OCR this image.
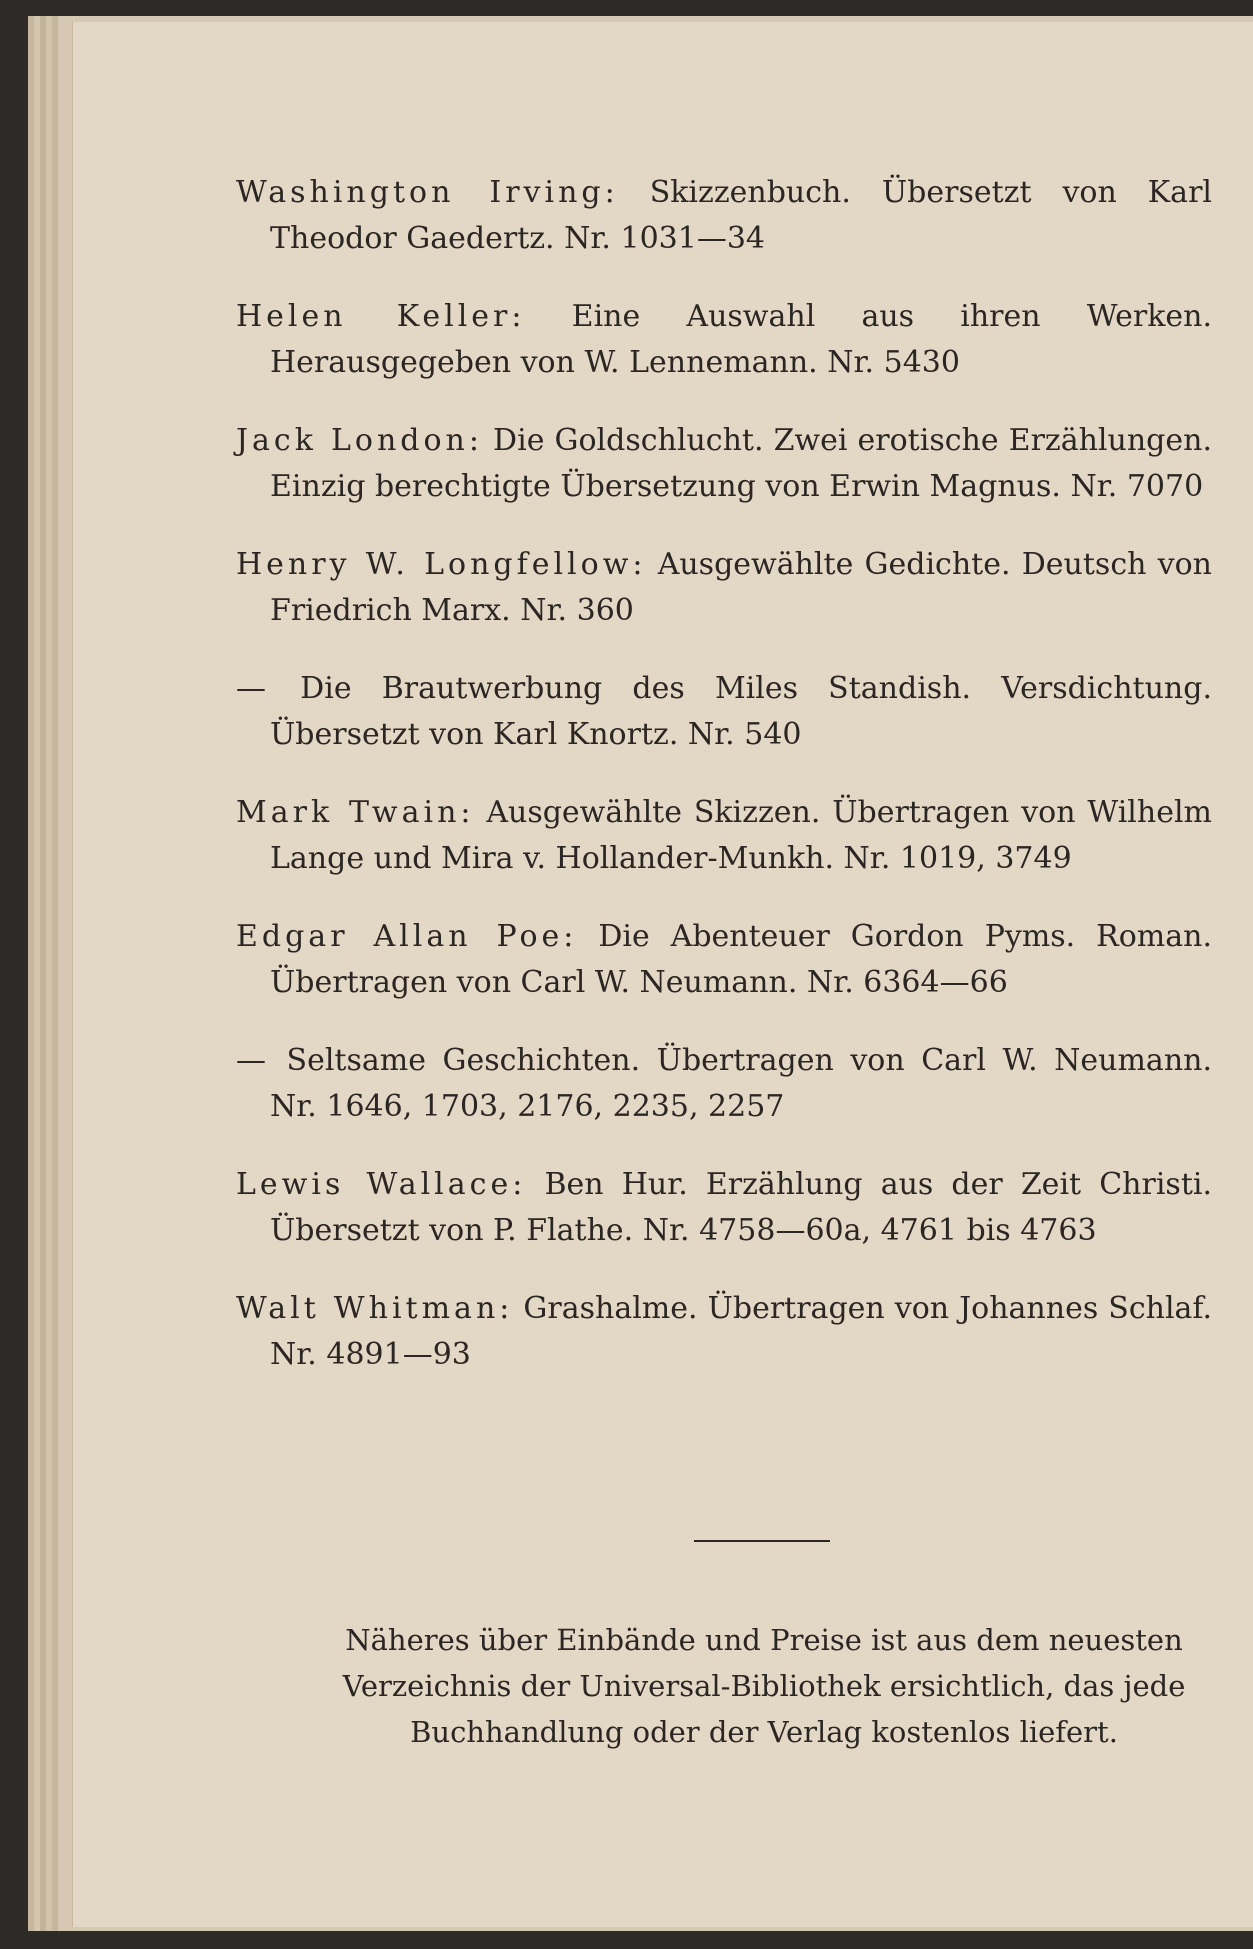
Washington Irving: Skizzenbuch. Übersetzt von Karl Theodor Gaedertz. Nr. 1031—34

Helen Keller: Eine Auswahl aus ihren Werken. Herausgegeben von W. Lennemann. Nr. 5430

Jack London: Die Goldschlucht. Zwei erotische Erzählungen. Einzig berechtigte Übersetzung von Erwin Magnus. Nr. 7070

Henry W. Longfellow: Ausgewählte Gedichte. Deutsch von Friedrich Marx. Nr. 360

— Die Brautwerbung des Miles Standish. Versdichtung. Übersetzt von Karl Knortz. Nr. 540

Mark Twain: Ausgewählte Skizzen. Übertragen von Wilhelm Lange und Mira v. Hollander-Munkh. Nr. 1019, 3749

Edgar Allan Poe: Die Abenteuer Gordon Pyms. Roman. Übertragen von Carl W. Neumann. Nr. 6364—66

— Seltsame Geschichten. Übertragen von Carl W. Neumann. Nr. 1646, 1703, 2176, 2235, 2257

Lewis Wallace: Ben Hur. Erzählung aus der Zeit Christi. Übersetzt von P. Flathe. Nr. 4758—60a, 4761 bis 4763

Walt Whitman: Grashalme. Übertragen von Johannes Schlaf. Nr. 4891—93

Näheres über Einbände und Preise ist aus dem neuesten Verzeichnis der Universal-Bibliothek ersichtlich, das jede Buchhandlung oder der Verlag kostenlos liefert.
